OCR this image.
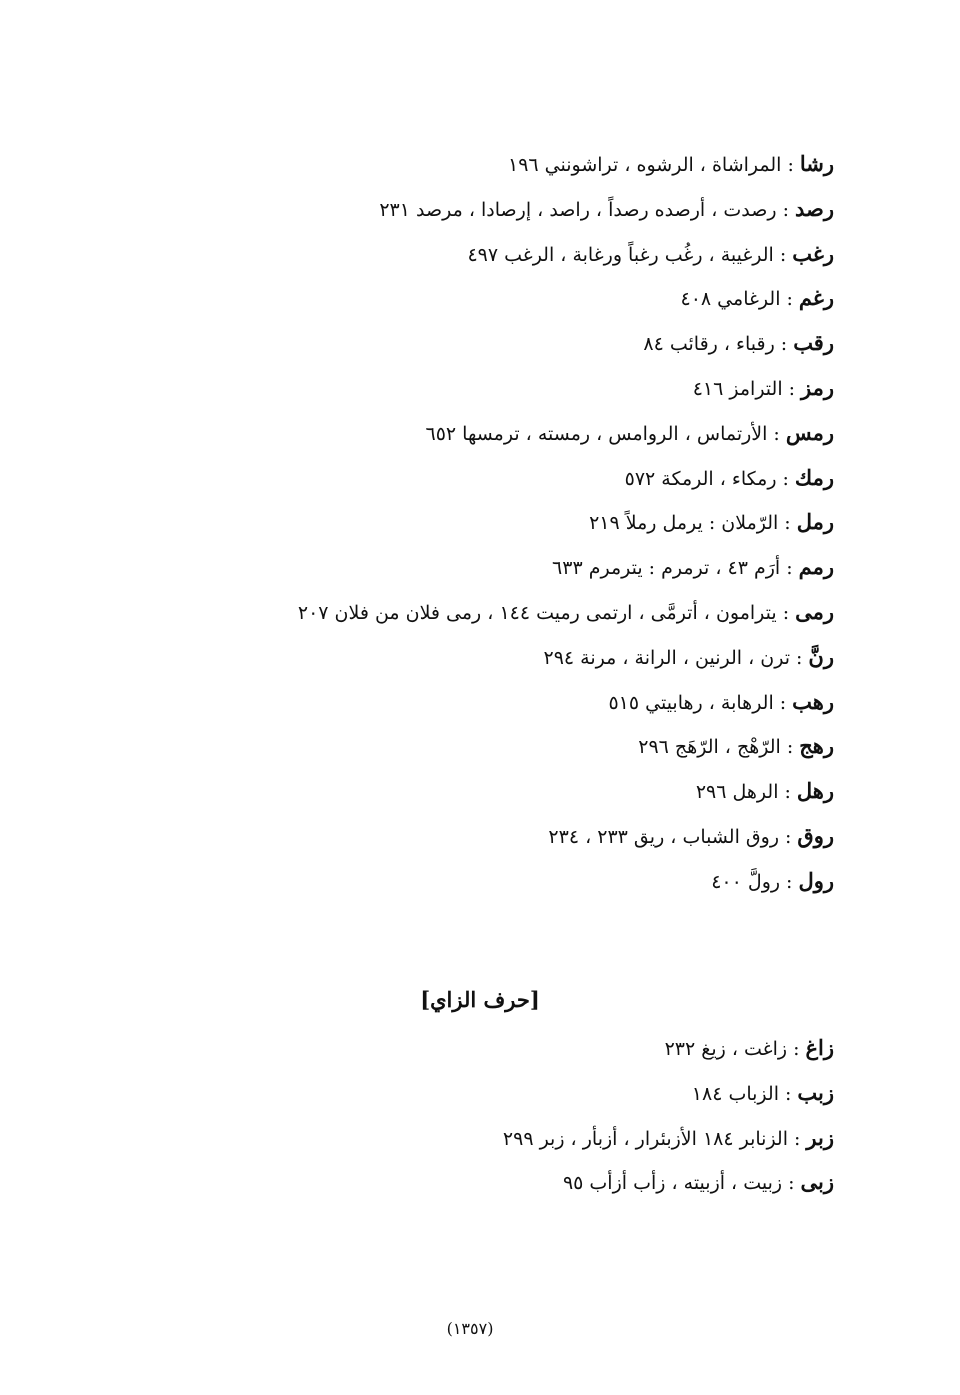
رشا:المراشاة ، الرشوه ، تراشونني ١٩٦
رصد:رصدت ، أرصده رصداً ، راصد ، إرصادا ، مرصد ٢٣١
رغب:الرغيبة ، رغُب رغباً ورغابة ، الرغب ٤٩٧
رغم:الرغامي ٤٠٨
رقب:رقباء ، رقائب ٨٤
رمز:الترامز ٤١٦
رمس:الأرتماس ، الروامس ، رمسته ، ترمسها ٦٥٢
رمك:رمكاء ، الرمكة ٥٧٢
رمل:الرّملان : يرمل رملاً ٢١٩
رمم:أرَم ٤٣ ، ترمرم : يترمرم ٦٣٣
رمى:يترامون ، أترمَّى ، ارتمى رميت ١٤٤ ، رمى فلان من فلان ٢٠٧
رنَّ:ترن ، الرنين ، الرانة ، مرنة ٢٩٤
رهب:الرهابة ، رهابيتي ٥١٥
رهج:الرّهْج ، الرّهَج ٢٩٦
رهل:الرهل ٢٩٦
روق:روق الشباب ، ريق ٢٣٣ ، ٢٣٤
رول:رولَّ ٤٠٠
[حرف الزاي]
زاغ:زاغت ، زيغ ٢٣٢
زبب:الزباب ١٨٤
زبر:الزنابر ١٨٤ الأزبئرار ، أزبأر ، زبر ٢٩٩
زبى:زبيت ، أزبيته ، زأب أزأب ٩٥
(١٣٥٧)
